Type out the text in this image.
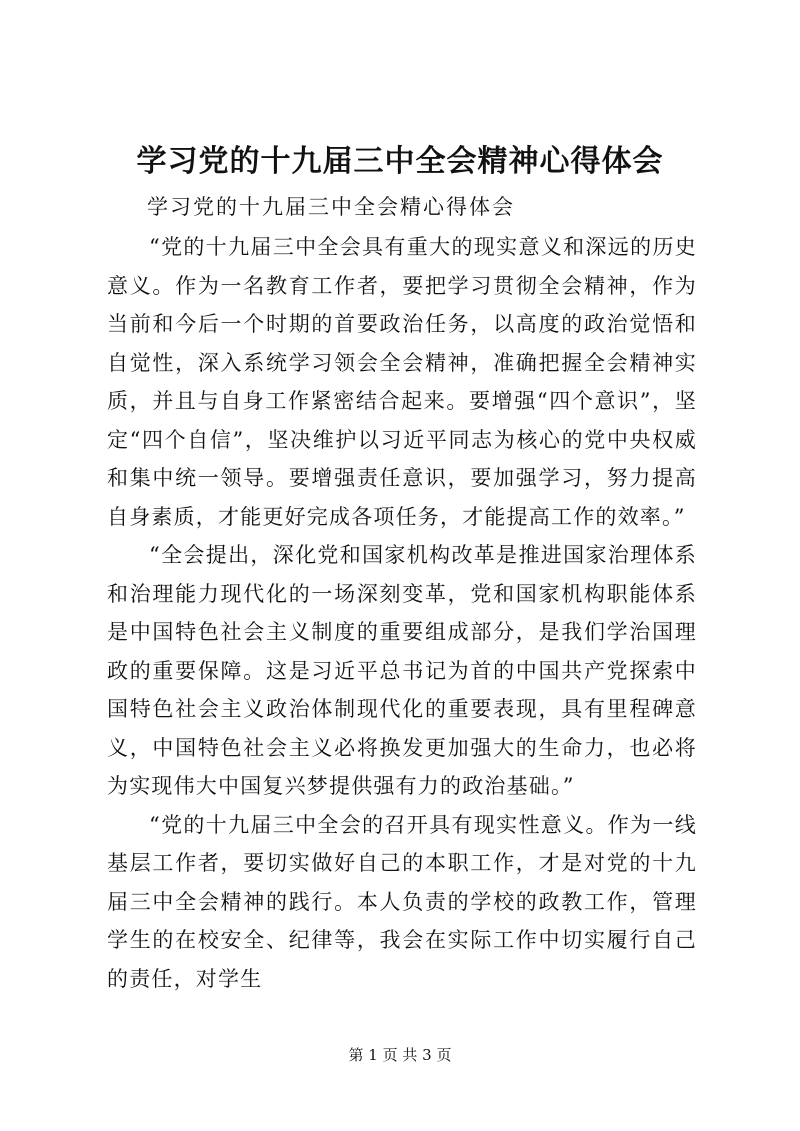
学习党的十九届三中全会精神心得体会
学习党的十九届三中全会精心得体会

“党的十九届三中全会具有重大的现实意义和深远的历史意义。作为一名教育工作者，要把学习贯彻全会精神，作为当前和今后一个时期的首要政治任务，以高度的政治觉悟和自觉性，深入系统学习领会全会精神，准确把握全会精神实质，并且与自身工作紧密结合起来。要增强“四个意识”，坚定“四个自信”，坚决维护以习近平同志为核心的党中央权威和集中统一领导。要增强责任意识，要加强学习，努力提高自身素质，才能更好完成各项任务，才能提高工作的效率。”

“全会提出，深化党和国家机构改革是推进国家治理体系和治理能力现代化的一场深刻变革，党和国家机构职能体系是中国特色社会主义制度的重要组成部分，是我们学治国理政的重要保障。这是习近平总书记为首的中国共产党探索中国特色社会主义政治体制现代化的重要表现，具有里程碑意义，中国特色社会主义必将换发更加强大的生命力，也必将为实现伟大中国复兴梦提供强有力的政治基础。”

“党的十九届三中全会的召开具有现实性意义。作为一线基层工作者，要切实做好自己的本职工作，才是对党的十九届三中全会精神的践行。本人负责的学校的政教工作，管理学生的在校安全、纪律等，我会在实际工作中切实履行自己的责任，对学生

第 1 页 共 3 页
